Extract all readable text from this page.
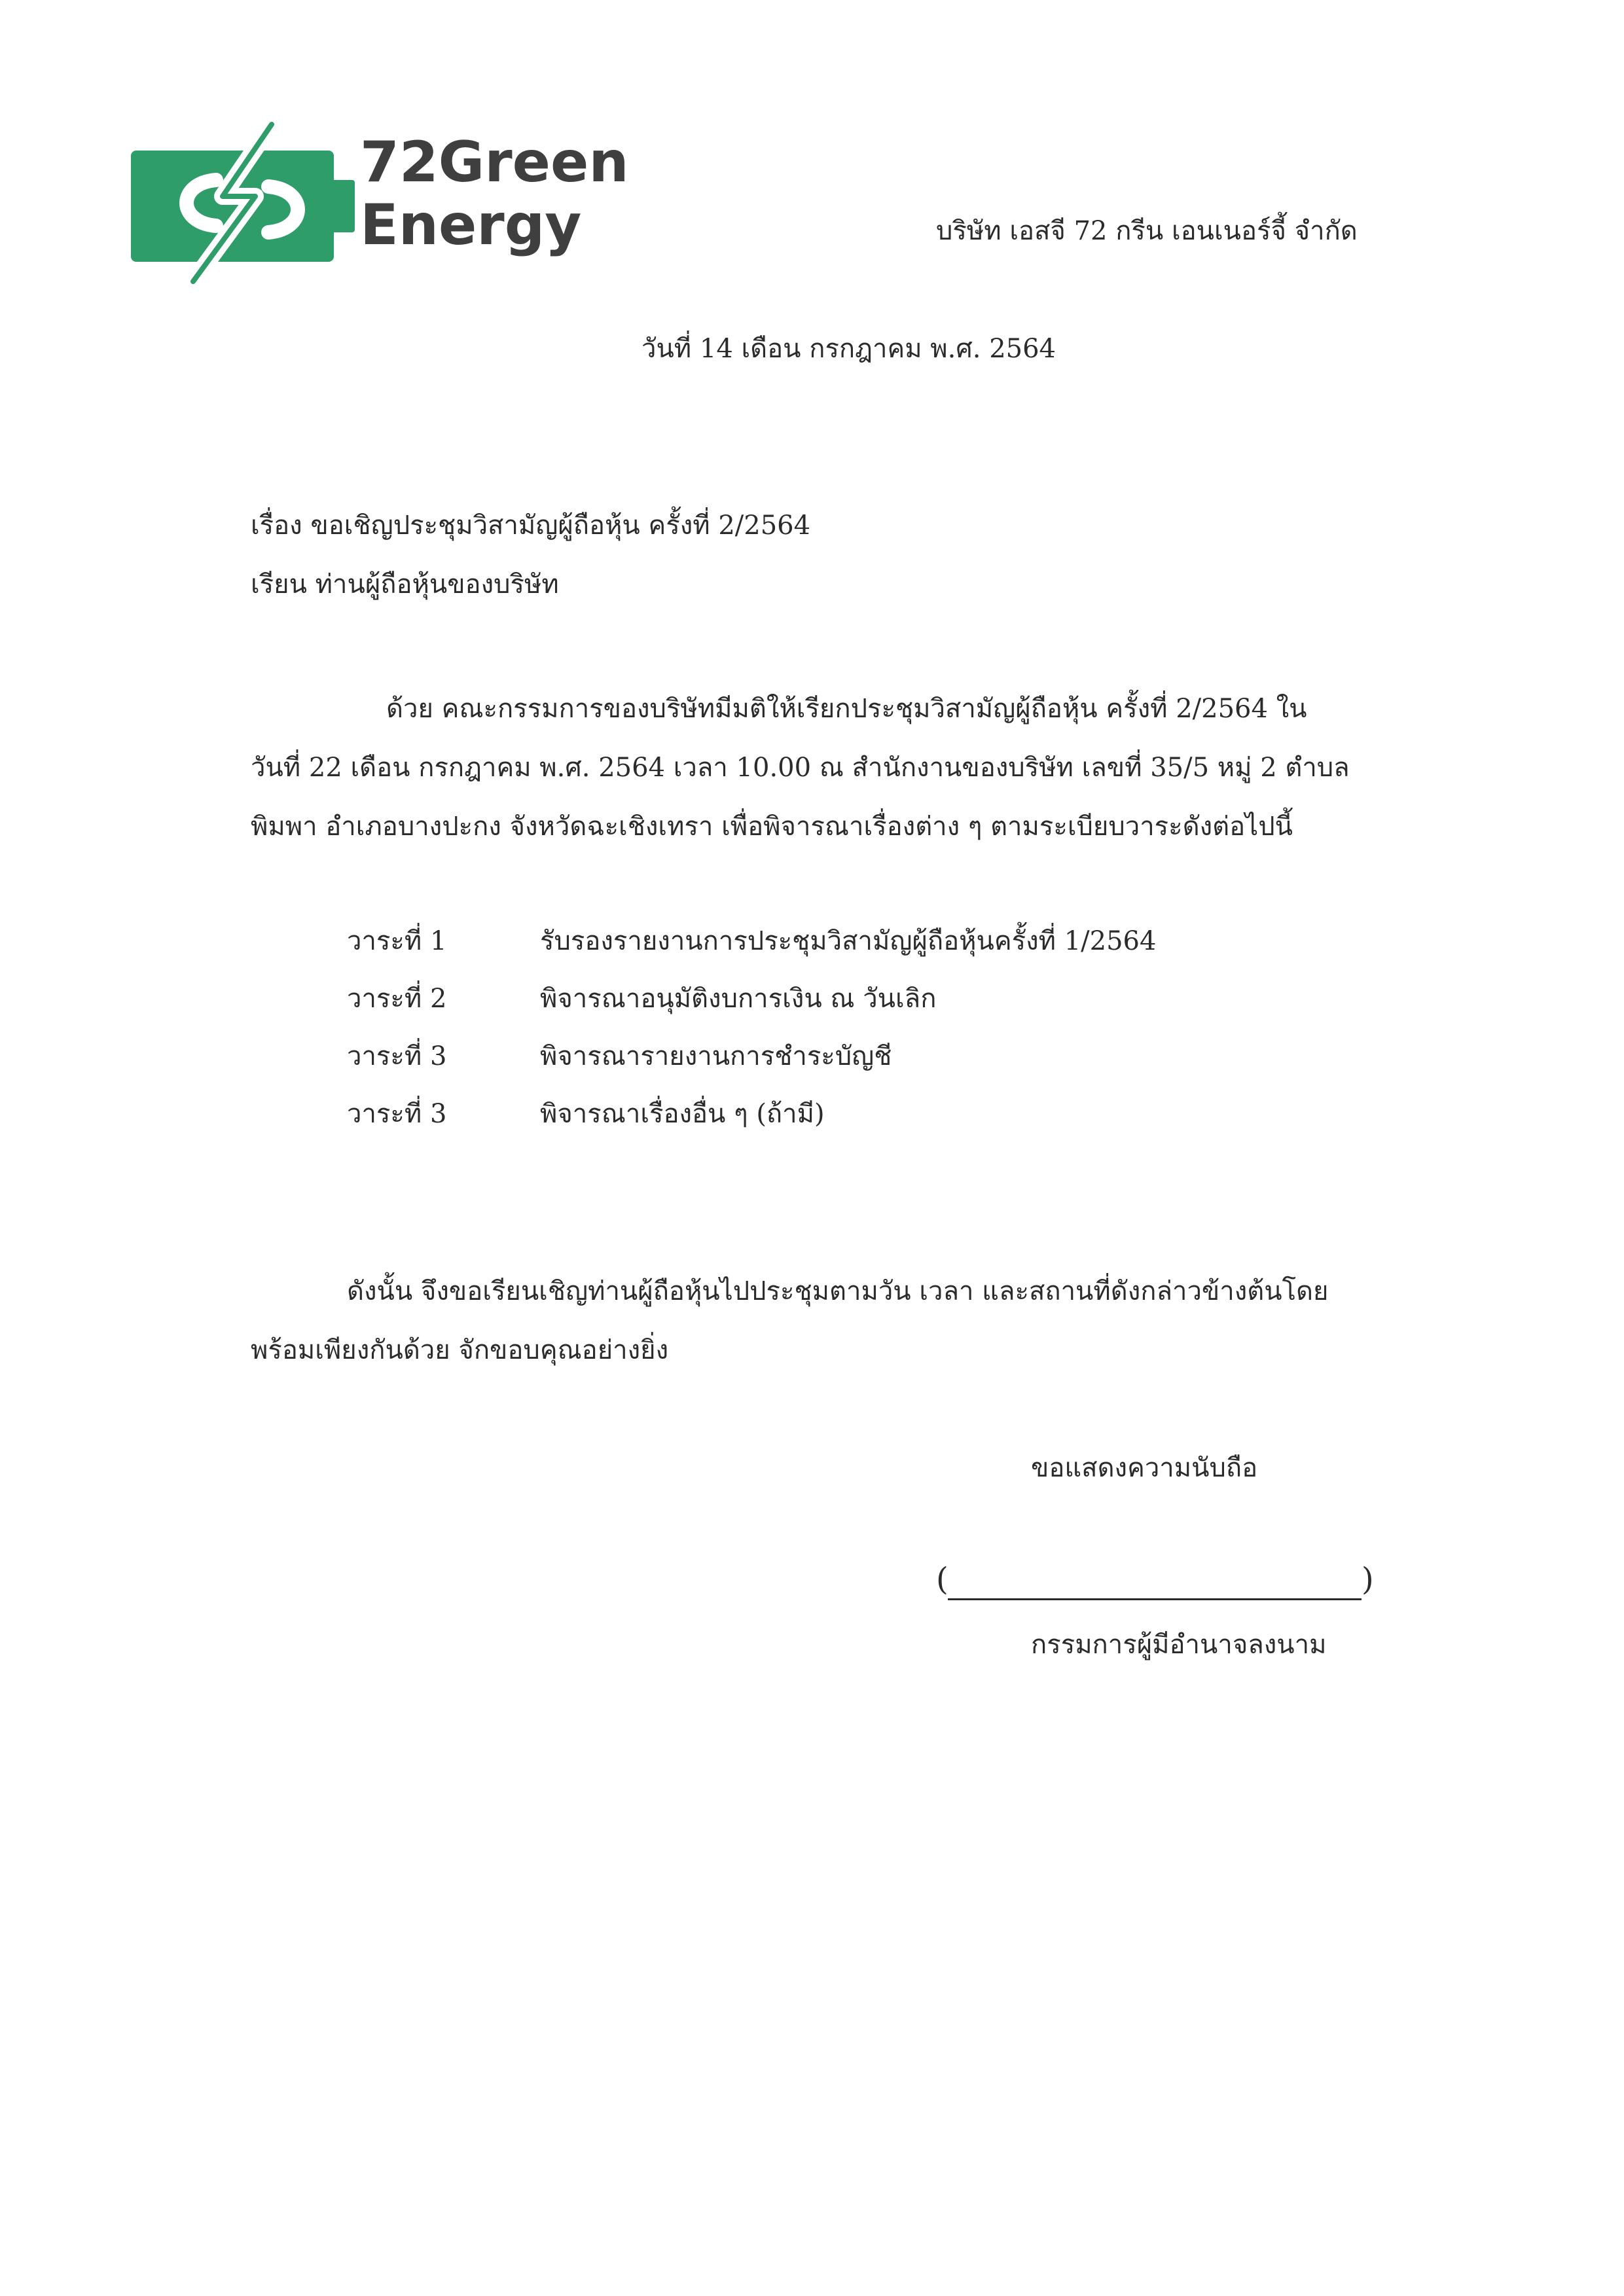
72Green
Energy	บริษัท เอสจี 72 กรีน เอนเนอร์จี้ จำกัด
วันที่ 14 เดือน กรกฎาคม พ.ศ. 2564
เรื่อง ขอเชิญประชุมวิสามัญผู้ถือหุ้น ครั้งที่ 2/2564
เรียน ท่านผู้ถือหุ้นของบริษัท
ด้วย คณะกรรมการของบริษัทมีมติให้เรียกประชุมวิสามัญผู้ถือหุ้น ครั้งที่ 2/2564 ใน
วันที่ 22 เดือน กรกฎาคม พ.ศ. 2564 เวลา 10.00 ณ สำนักงานของบริษัท เลขที่ 35/5 หมู่ 2 ตำบล
พิมพา อำเภอบางปะกง จังหวัดฉะเชิงเทรา เพื่อพิจารณาเรื่องต่าง ๆ ตามระเบียบวาระดังต่อไปนี้
วาระที่ 1	รับรองรายงานการประชุมวิสามัญผู้ถือหุ้นครั้งที่ 1/2564
วาระที่ 2	พิจารณาอนุมัติงบการเงิน ณ วันเลิก
วาระที่ 3	พิจารณารายงานการชำระบัญชี
วาระที่ 3	พิจารณาเรื่องอื่น ๆ (ถ้ามี)
ดังนั้น จึงขอเรียนเชิญท่านผู้ถือหุ้นไปประชุมตามวัน เวลา และสถานที่ดังกล่าวข้างต้นโดย
พร้อมเพียงกันด้วย จักขอบคุณอย่างยิ่ง
ขอแสดงความนับถือ
(	)
กรรมการผู้มีอำนาจลงนาม
